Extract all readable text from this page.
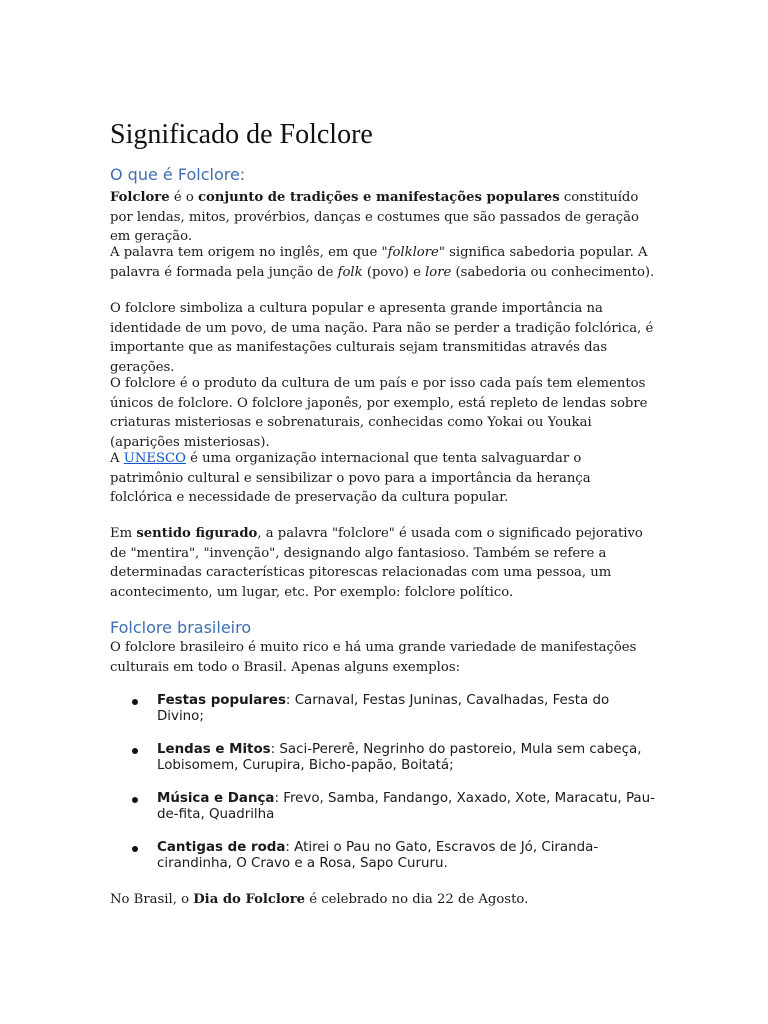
Significado de Folclore
O que é Folclore:

Folclore é o conjunto de tradições e manifestações populares constituído por lendas, mitos, provérbios, danças e costumes que são passados de geração em geração.

A palavra tem origem no inglês, em que "folklore" significa sabedoria popular. A palavra é formada pela junção de folk (povo) e lore (sabedoria ou conhecimento).

O folclore simboliza a cultura popular e apresenta grande importância na identidade de um povo, de uma nação. Para não se perder a tradição folclórica, é importante que as manifestações culturais sejam transmitidas através das gerações.

O folclore é o produto da cultura de um país e por isso cada país tem elementos únicos de folclore. O folclore japonês, por exemplo, está repleto de lendas sobre criaturas misteriosas e sobrenaturais, conhecidas como Yokai ou Youkai (aparições misteriosas).

A UNESCO é uma organização internacional que tenta salvaguardar o patrimônio cultural e sensibilizar o povo para a importância da herança folclórica e necessidade de preservação da cultura popular.

Em sentido figurado, a palavra "folclore" é usada com o significado pejorativo de "mentira", "invenção", designando algo fantasioso. Também se refere a determinadas características pitorescas relacionadas com uma pessoa, um acontecimento, um lugar, etc. Por exemplo: folclore político.

Folclore brasileiro

O folclore brasileiro é muito rico e há uma grande variedade de manifestações culturais em todo o Brasil. Apenas alguns exemplos:

Festas populares: Carnaval, Festas Juninas, Cavalhadas, Festa do Divino;
Lendas e Mitos: Saci-Pererê, Negrinho do pastoreio, Mula sem cabeça, Lobisomem, Curupira, Bicho-papão, Boitatá;
Música e Dança: Frevo, Samba, Fandango, Xaxado, Xote, Maracatu, Pau-de-fita, Quadrilha
Cantigas de roda: Atirei o Pau no Gato, Escravos de Jó, Ciranda-cirandinha, O Cravo e a Rosa, Sapo Cururu.

No Brasil, o Dia do Folclore é celebrado no dia 22 de Agosto.
